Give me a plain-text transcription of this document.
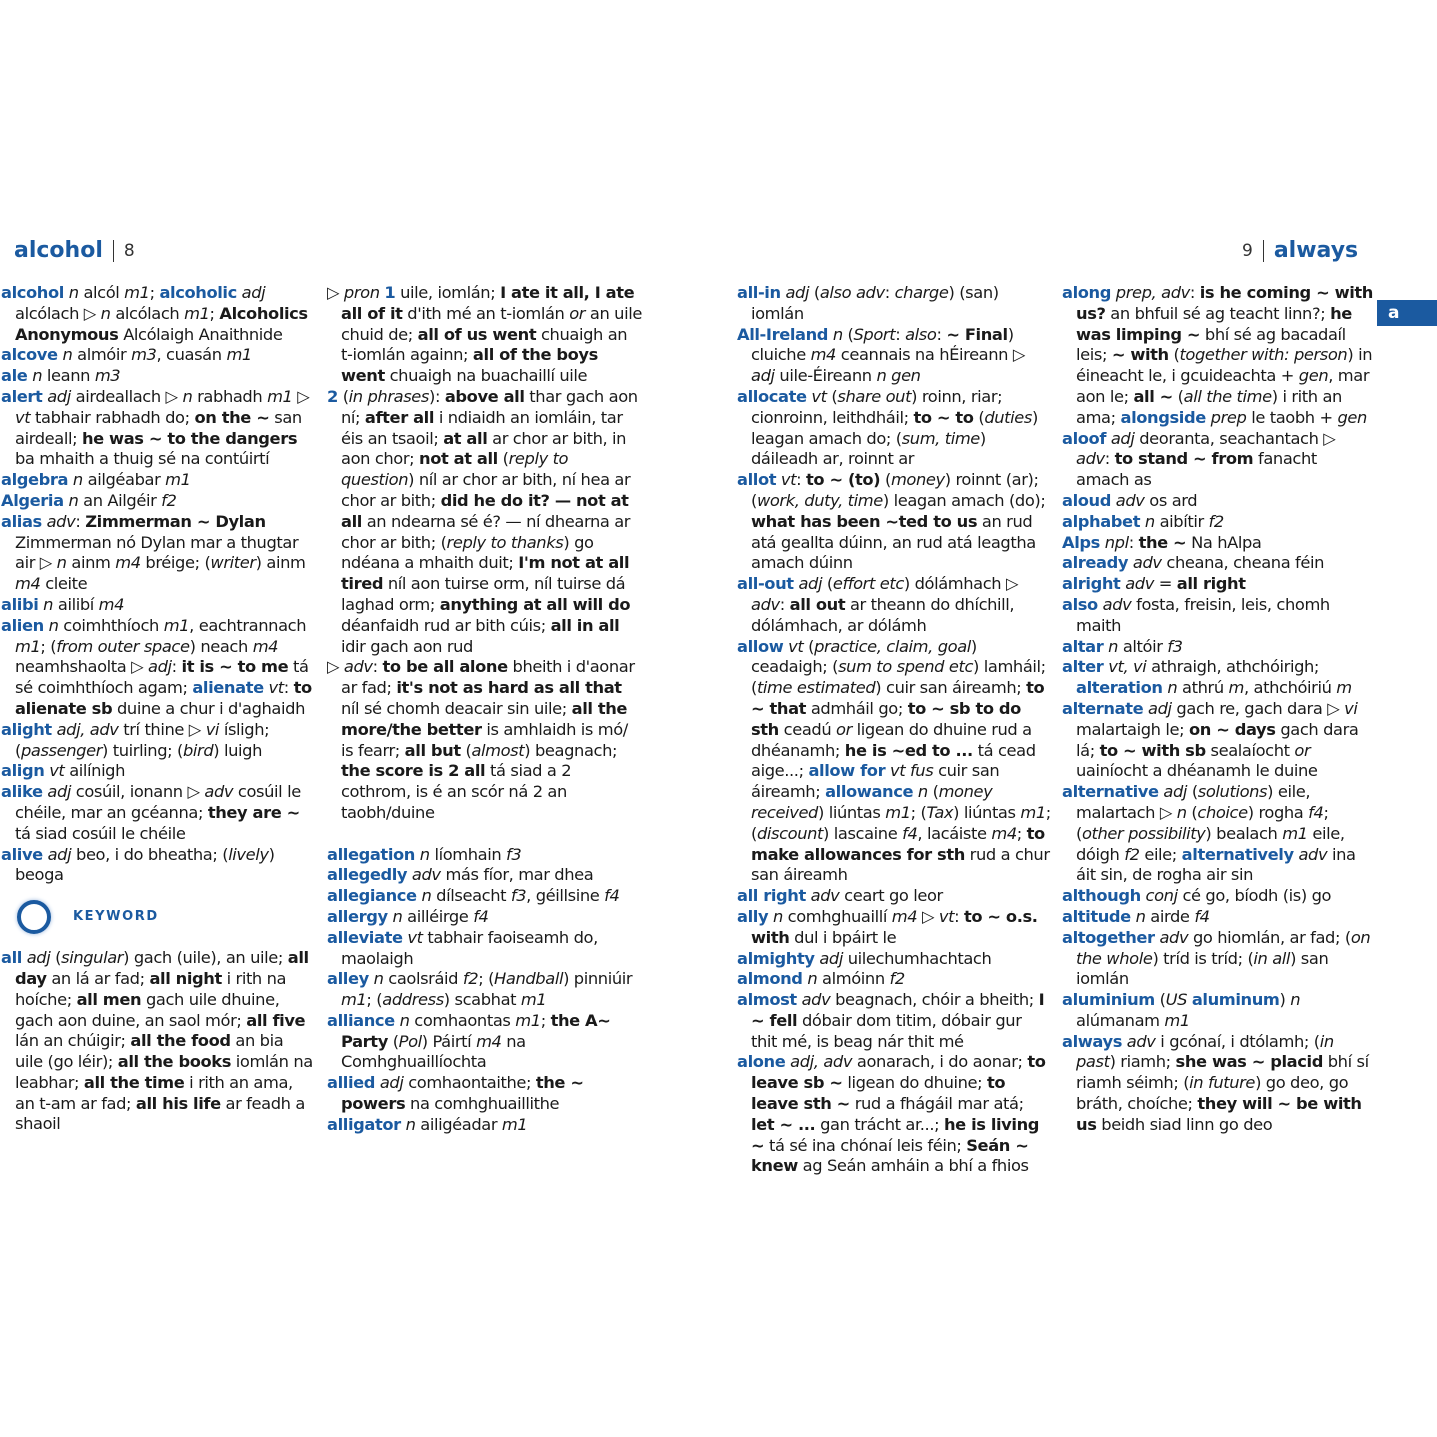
alcohol 8	9 always
a

alcohol n alcól m1; alcoholic adj alcólach ▷ n alcólach m1; Alcoholics Anonymous Alcólaigh Anaithnide

alcove n almóir m3, cuasán m1

ale n leann m3

alert adj airdeallach ▷ n rabhadh m1 ▷ vt tabhair rabhadh do; on the ~ san airdeall; he was ~ to the dangers ba mhaith a thuig sé na contúirtí

algebra n ailgéabar m1

Algeria n an Ailgéir f2

alias adv: Zimmerman ~ Dylan Zimmerman nó Dylan mar a thugtar air ▷ n ainm m4 bréige; (writer) ainm m4 cleite

alibi n ailibí m4

alien n coimhthíoch m1, eachtrannach m1; (from outer space) neach m4 neamhshaolta ▷ adj: it is ~ to me tá sé coimhthíoch agam; alienate vt: to alienate sb duine a chur i d'aghaidh

alight adj, adv trí thine ▷ vi ísligh; (passenger) tuirling; (bird) luigh

align vt ailínigh

alike adj cosúil, ionann ▷ adv cosúil le chéile, mar an gcéanna; they are ~ tá siad cosúil le chéile

alive adj beo, i do bheatha; (lively) beoga

KEYWORD

all adj (singular) gach (uile), an uile; all day an lá ar fad; all night i rith na hoíche; all men gach uile dhuine, gach aon duine, an saol mór; all five lán an chúigir; all the food an bia uile (go léir); all the books iomlán na leabhar; all the time i rith an ama, an t-am ar fad; all his life ar feadh a shaoil

▷ pron 1 uile, iomlán; I ate it all, I ate all of it d'ith mé an t-iomlán or an uile chuid de; all of us went chuaigh an t-iomlán againn; all of the boys went chuaigh na buachaillí uile

2 (in phrases): above all thar gach aon ní; after all i ndiaidh an iomláin, tar éis an tsaoil; at all ar chor ar bith, in aon chor; not at all (reply to question) níl ar chor ar bith, ní hea ar chor ar bith; did he do it? — not at all an ndearna sé é? — ní dhearna ar chor ar bith; (reply to thanks) go ndéana a mhaith duit; I'm not at all tired níl aon tuirse orm, níl tuirse dá laghad orm; anything at all will do déanfaidh rud ar bith cúis; all in all idir gach aon rud

▷ adv: to be all alone bheith i d'aonar ar fad; it's not as hard as all that níl sé chomh deacair sin uile; all the more/the better is amhlaidh is mó/ is fearr; all but (almost) beagnach; the score is 2 all tá siad a 2 cothrom, is é an scór ná 2 an taobh/duine

allegation n líomhain f3

allegedly adv más fíor, mar dhea

allegiance n dílseacht f3, géillsine f4

allergy n ailléirge f4

alleviate vt tabhair faoiseamh do, maolaigh

alley n caolsráid f2; (Handball) pinniúir m1; (address) scabhat m1

alliance n comhaontas m1; the A~ Party (Pol) Páirtí m4 na Comhghuaillíochta

allied adj comhaontaithe; the ~ powers na comhghuaillithe

alligator n ailigéadar m1

all-in adj (also adv: charge) (san) iomlán

All-Ireland n (Sport: also: ~ Final) cluiche m4 ceannais na hÉireann ▷ adj uile-Éireann n gen

allocate vt (share out) roinn, riar; cionroinn, leithdháil; to ~ to (duties) leagan amach do; (sum, time) dáileadh ar, roinnt ar

allot vt: to ~ (to) (money) roinnt (ar); (work, duty, time) leagan amach (do); what has been ~ted to us an rud atá geallta dúinn, an rud atá leagtha amach dúinn

all-out adj (effort etc) dólámhach ▷ adv: all out ar theann do dhíchill, dólámhach, ar dólámh

allow vt (practice, claim, goal) ceadaigh; (sum to spend etc) lamháil; (time estimated) cuir san áireamh; to ~ that admháil go; to ~ sb to do sth ceadú or ligean do dhuine rud a dhéanamh; he is ~ed to ... tá cead aige...; allow for vt fus cuir san áireamh; allowance n (money received) liúntas m1; (Tax) liúntas m1; (discount) lascaine f4, lacáiste m4; to make allowances for sth rud a chur san áireamh

all right adv ceart go leor

ally n comhghuaillí m4 ▷ vt: to ~ o.s. with dul i bpáirt le

almighty adj uilechumhachtach

almond n almóinn f2

almost adv beagnach, chóir a bheith; I ~ fell dóbair dom titim, dóbair gur thit mé, is beag nár thit mé

alone adj, adv aonarach, i do aonar; to leave sb ~ ligean do dhuine; to leave sth ~ rud a fhágáil mar atá; let ~ ... gan trácht ar...; he is living ~ tá sé ina chónaí leis féin; Seán ~ knew ag Seán amháin a bhí a fhios

along prep, adv: is he coming ~ with us? an bhfuil sé ag teacht linn?; he was limping ~ bhí sé ag bacadaíl leis; ~ with (together with: person) in éineacht le, i gcuideachta + gen, mar aon le; all ~ (all the time) i rith an ama; alongside prep le taobh + gen

aloof adj deoranta, seachantach ▷ adv: to stand ~ from fanacht amach as

aloud adv os ard

alphabet n aibítir f2

Alps npl: the ~ Na hAlpa

already adv cheana, cheana féin

alright adv = all right

also adv fosta, freisin, leis, chomh maith

altar n altóir f3

alter vt, vi athraigh, athchóirigh; alteration n athrú m, athchóiriú m

alternate adj gach re, gach dara ▷ vi malartaigh le; on ~ days gach dara lá; to ~ with sb sealaíocht or uainíocht a dhéanamh le duine

alternative adj (solutions) eile, malartach ▷ n (choice) rogha f4; (other possibility) bealach m1 eile, dóigh f2 eile; alternatively adv ina áit sin, de rogha air sin

although conj cé go, bíodh (is) go

altitude n airde f4

altogether adv go hiomlán, ar fad; (on the whole) tríd is tríd; (in all) san iomlán

aluminium (US aluminum) n alúmanam m1

always adv i gcónaí, i dtólamh; (in past) riamh; she was ~ placid bhí sí riamh séimh; (in future) go deo, go bráth, choíche; they will ~ be with us beidh siad linn go deo
